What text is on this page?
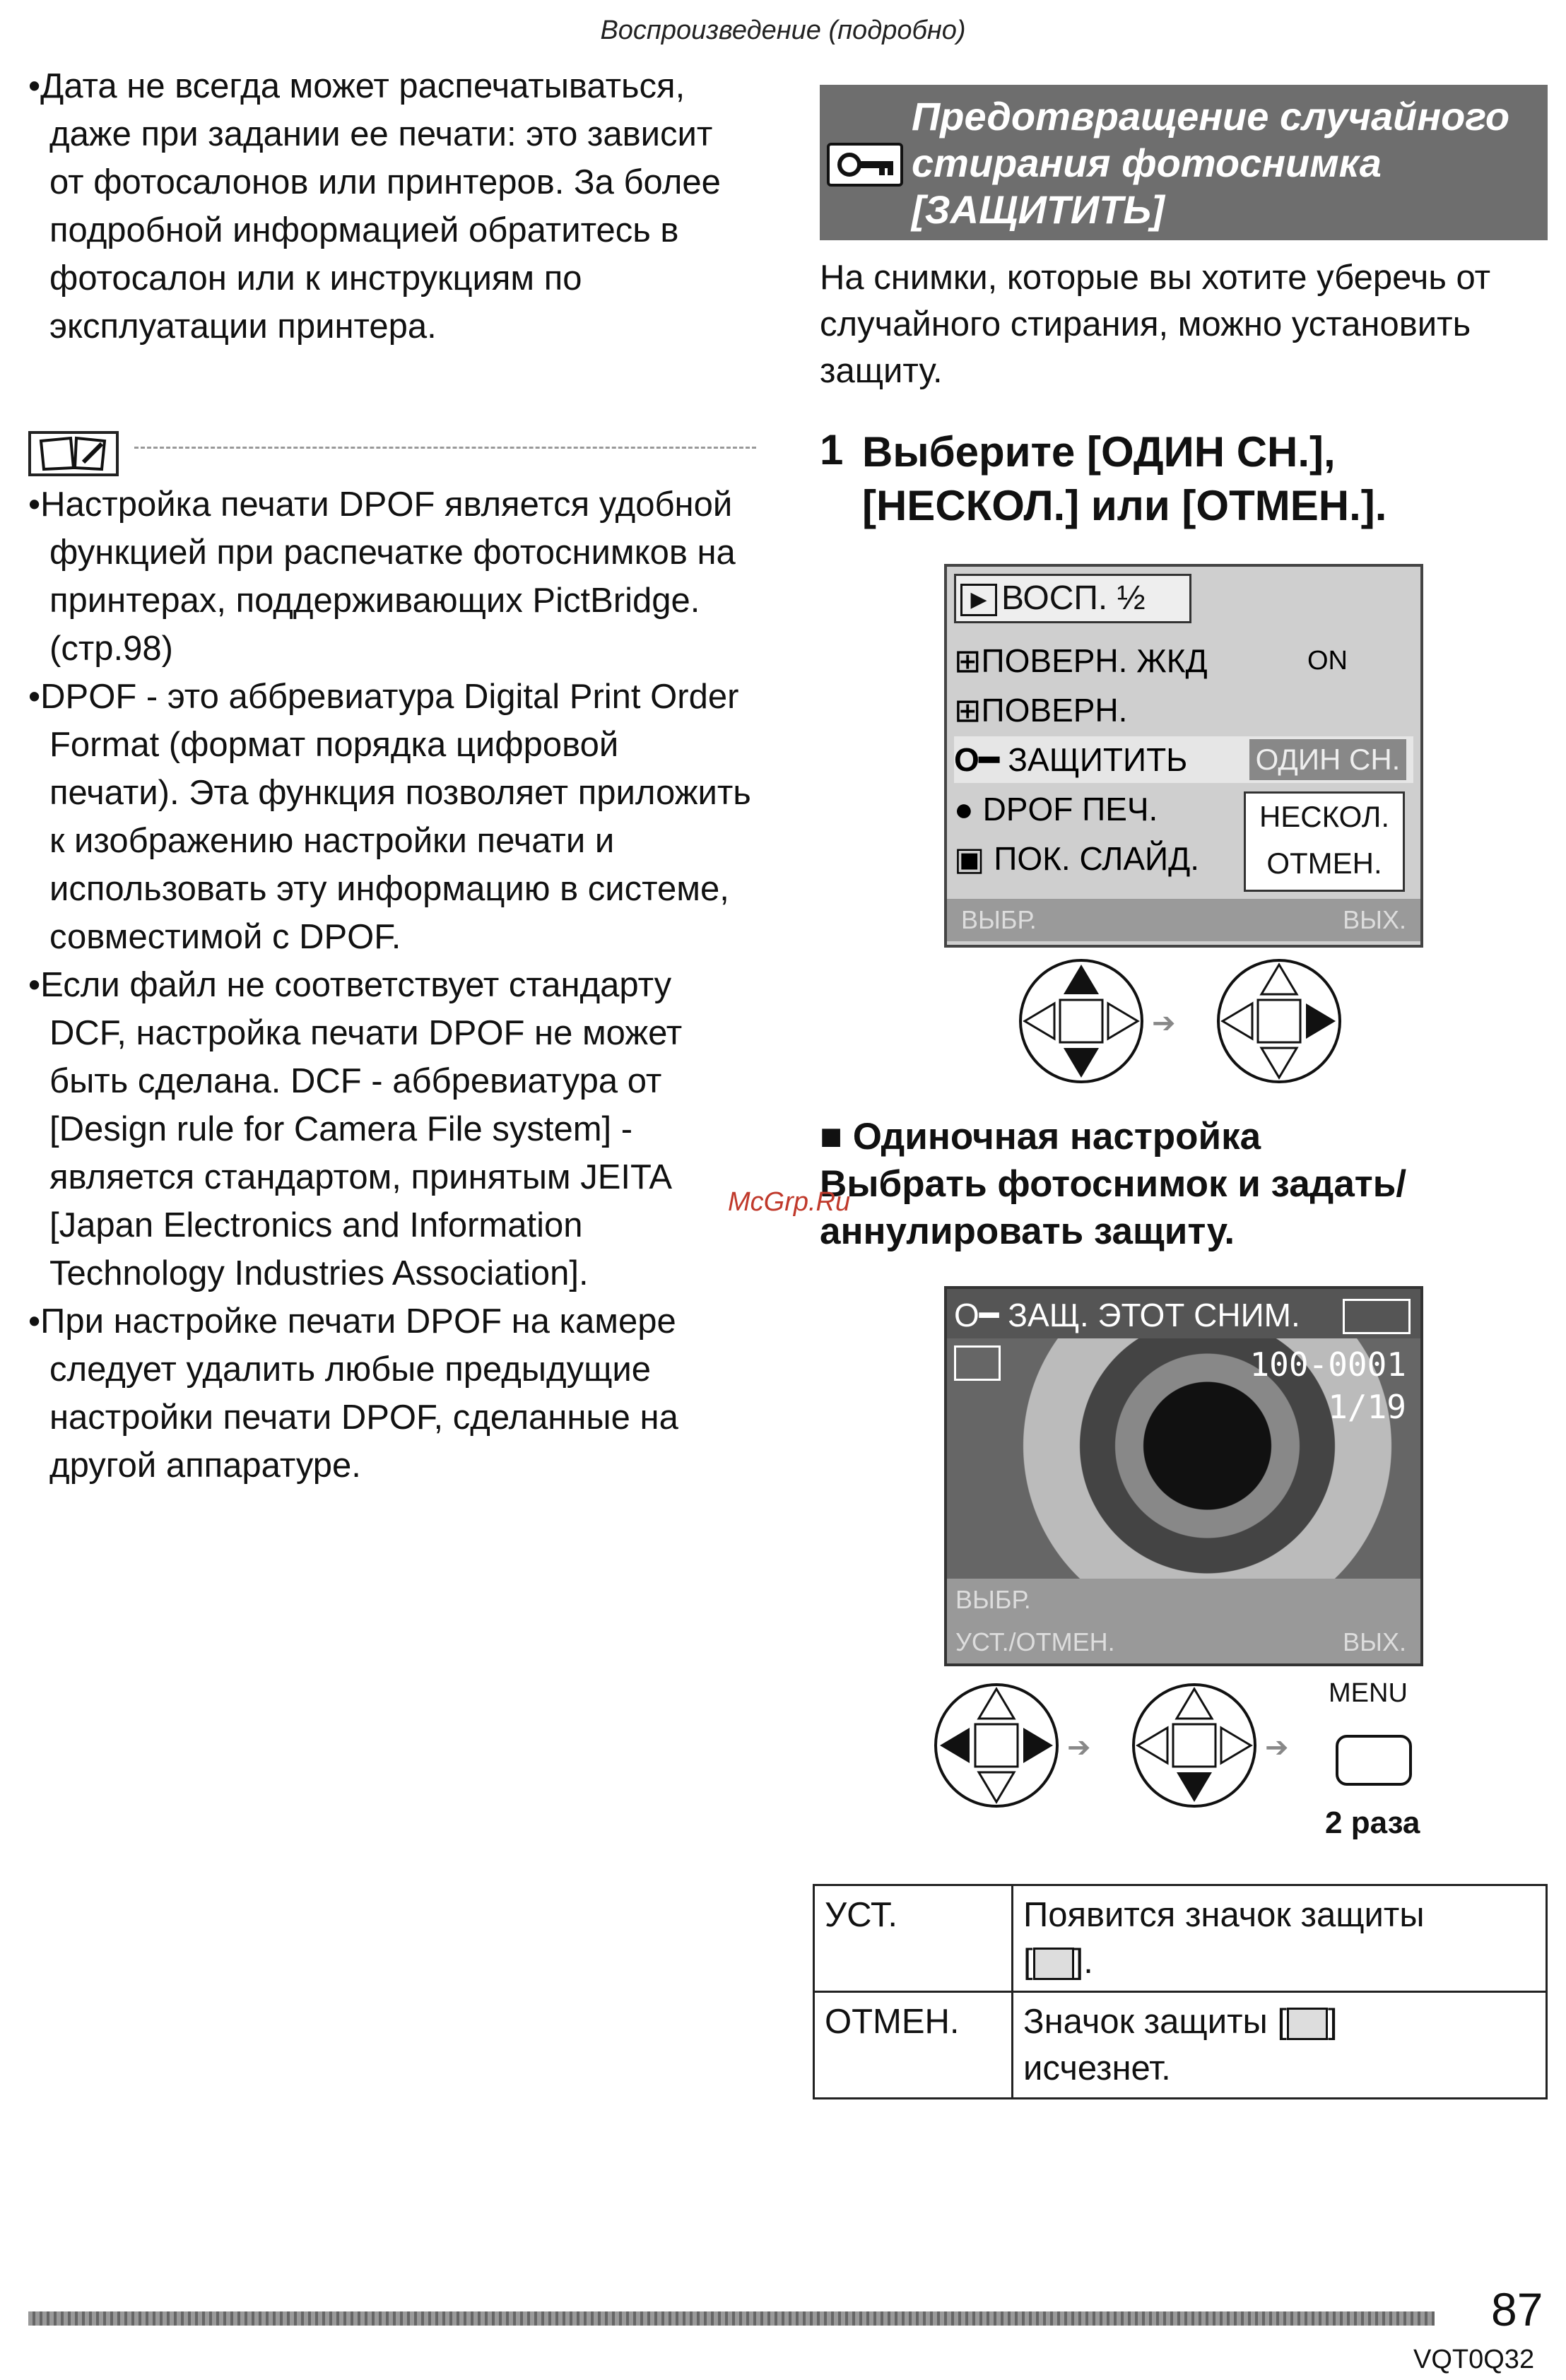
Воспроизведение (подробно)

•Дата не всегда может распечатываться, даже при задании ее печати: это зависит от фотосалонов или принтеров. За более подробной информацией обратитесь в фотосалон или к инструкциям по эксплуатации принтера.

•Настройка печати DPOF является удобной функцией при распечатке фотоснимков на принтерах, поддерживающих PictBridge. (стр.98)

•DPOF - это аббревиатура Digital Print Order Format (формат порядка цифровой печати). Эта функция позволяет приложить к изображению настройки печати и использовать эту информацию в системе, совместимой с DPOF.

•Если файл не соответствует стандарту DCF, настройка печати DPOF не может быть сделана. DCF - аббревиатура от [Design rule for Camera File system] - является стандартом, принятым JEITA [Japan Electronics and Information Technology Industries Association].

•При настройке печати DPOF на камере следует удалить любые предыдущие настройки печати DPOF, сделанные на другой аппаратуре.

Предотвращение случайного
стирания фотоснимка
[ЗАЩИТИТЬ]
На снимки, которые вы хотите уберечь от случайного стирания, можно установить защиту.
1 Выберите [ОДИН СН.], [НЕСКОЛ.] или [ОТМЕН.].
▶ ВОСП. ½
⊞ПОВЕРН. ЖКД	ON
⊞ПОВЕРН.
О━ ЗАЩИТИТЬ ОДИН СН.
● DPOF ПЕЧ.
▣ ПОК. СЛАЙД.
НЕСКОЛ.
ОТМЕН.
ВЫБР.	ВЫХ.
➔
■ Одиночная настройка
Выбрать фотоснимок и задать/
аннулировать защиту.
McGrp.Ru
О━ ЗАЩ. ЭТОТ СНИМ.
100-0001
1/19
ВЫБР.
УСТ./ОТМЕН.	ВЫХ.
➔	➔
MENU
2 раза
УСТ.	Появится значок защиты
[ ].
ОТМЕН.	Значок защиты [ ]
исчезнет.
87
VQT0Q32
